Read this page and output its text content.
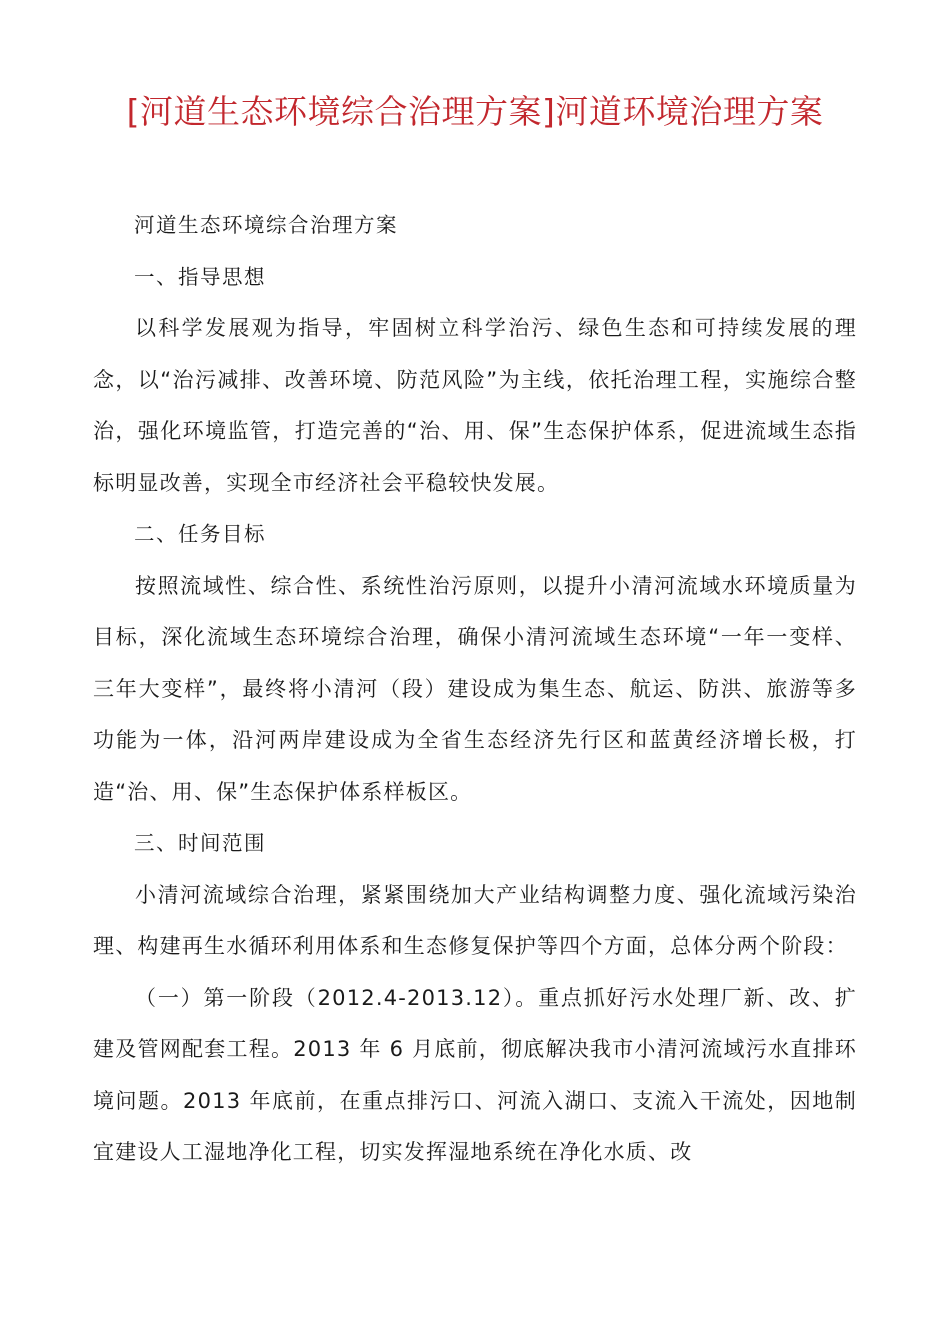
[河道生态环境综合治理方案]河道环境治理方案

河道生态环境综合治理方案

一、指导思想

以科学发展观为指导，牢固树立科学治污、绿色生态和可持续发展的理念，以“治污减排、改善环境、防范风险”为主线，依托治理工程，实施综合整治，强化环境监管，打造完善的“治、用、保”生态保护体系，促进流域生态指标明显改善，实现全市经济社会平稳较快发展。

二、任务目标

按照流域性、综合性、系统性治污原则，以提升小清河流域水环境质量为目标，深化流域生态环境综合治理，确保小清河流域生态环境“一年一变样、三年大变样”，最终将小清河（段）建设成为集生态、航运、防洪、旅游等多功能为一体，沿河两岸建设成为全省生态经济先行区和蓝黄经济增长极，打造“治、用、保”生态保护体系样板区。

三、时间范围

小清河流域综合治理，紧紧围绕加大产业结构调整力度、强化流域污染治理、构建再生水循环利用体系和生态修复保护等四个方面，总体分两个阶段：

（一）第一阶段（2012.4-2013.12）。重点抓好污水处理厂新、改、扩建及管网配套工程。2013 年 6 月底前，彻底解决我市小清河流域污水直排环境问题。2013 年底前，在重点排污口、河流入湖口、支流入干流处，因地制宜建设人工湿地净化工程，切实发挥湿地系统在净化水质、改
